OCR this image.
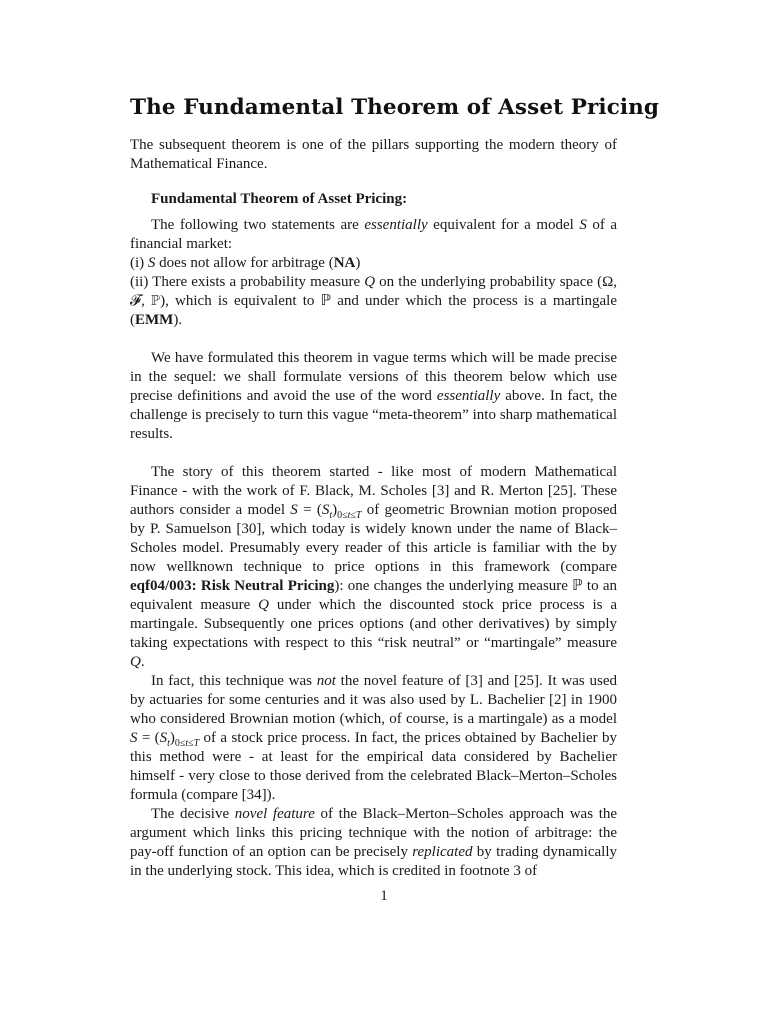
The Fundamental Theorem of Asset Pricing

The subsequent theorem is one of the pillars supporting the modern theory of Mathematical Finance.

Fundamental Theorem of Asset Pricing:

The following two statements are essentially equivalent for a model S of a financial market:

(i) S does not allow for arbitrage (NA)

(ii) There exists a probability measure Q on the underlying probability space (Ω, 𝓕, ℙ), which is equivalent to ℙ and under which the process is a martingale (EMM).

We have formulated this theorem in vague terms which will be made precise in the sequel: we shall formulate versions of this theorem below which use precise definitions and avoid the use of the word essentially above. In fact, the challenge is precisely to turn this vague “meta-theorem” into sharp mathematical results.

The story of this theorem started - like most of modern Mathematical Finance - with the work of F. Black, M. Scholes [3] and R. Merton [25]. These authors consider a model $S = (S_t)_{0\le t\le T}$ of geometric Brownian motion proposed by P. Samuelson [30], which today is widely known under the name of Black–Scholes model. Presumably every reader of this article is familiar with the by now wellknown technique to price options in this framework (compare eqf04/003: Risk Neutral Pricing): one changes the underlying measure ℙ to an equivalent measure Q under which the discounted stock price process is a martingale. Subsequently one prices options (and other derivatives) by simply taking expectations with respect to this “risk neutral” or “martingale” measure Q.

In fact, this technique was not the novel feature of [3] and [25]. It was used by actuaries for some centuries and it was also used by L. Bachelier [2] in 1900 who considered Brownian motion (which, of course, is a martingale) as a model $S = (S_t)_{0\le t\le T}$ of a stock price process. In fact, the prices obtained by Bachelier by this method were - at least for the empirical data considered by Bachelier himself - very close to those derived from the celebrated Black–Merton–Scholes formula (compare [34]).

The decisive novel feature of the Black–Merton–Scholes approach was the argument which links this pricing technique with the notion of arbitrage: the pay-off function of an option can be precisely replicated by trading dynamically in the underlying stock. This idea, which is credited in footnote 3 of

1
